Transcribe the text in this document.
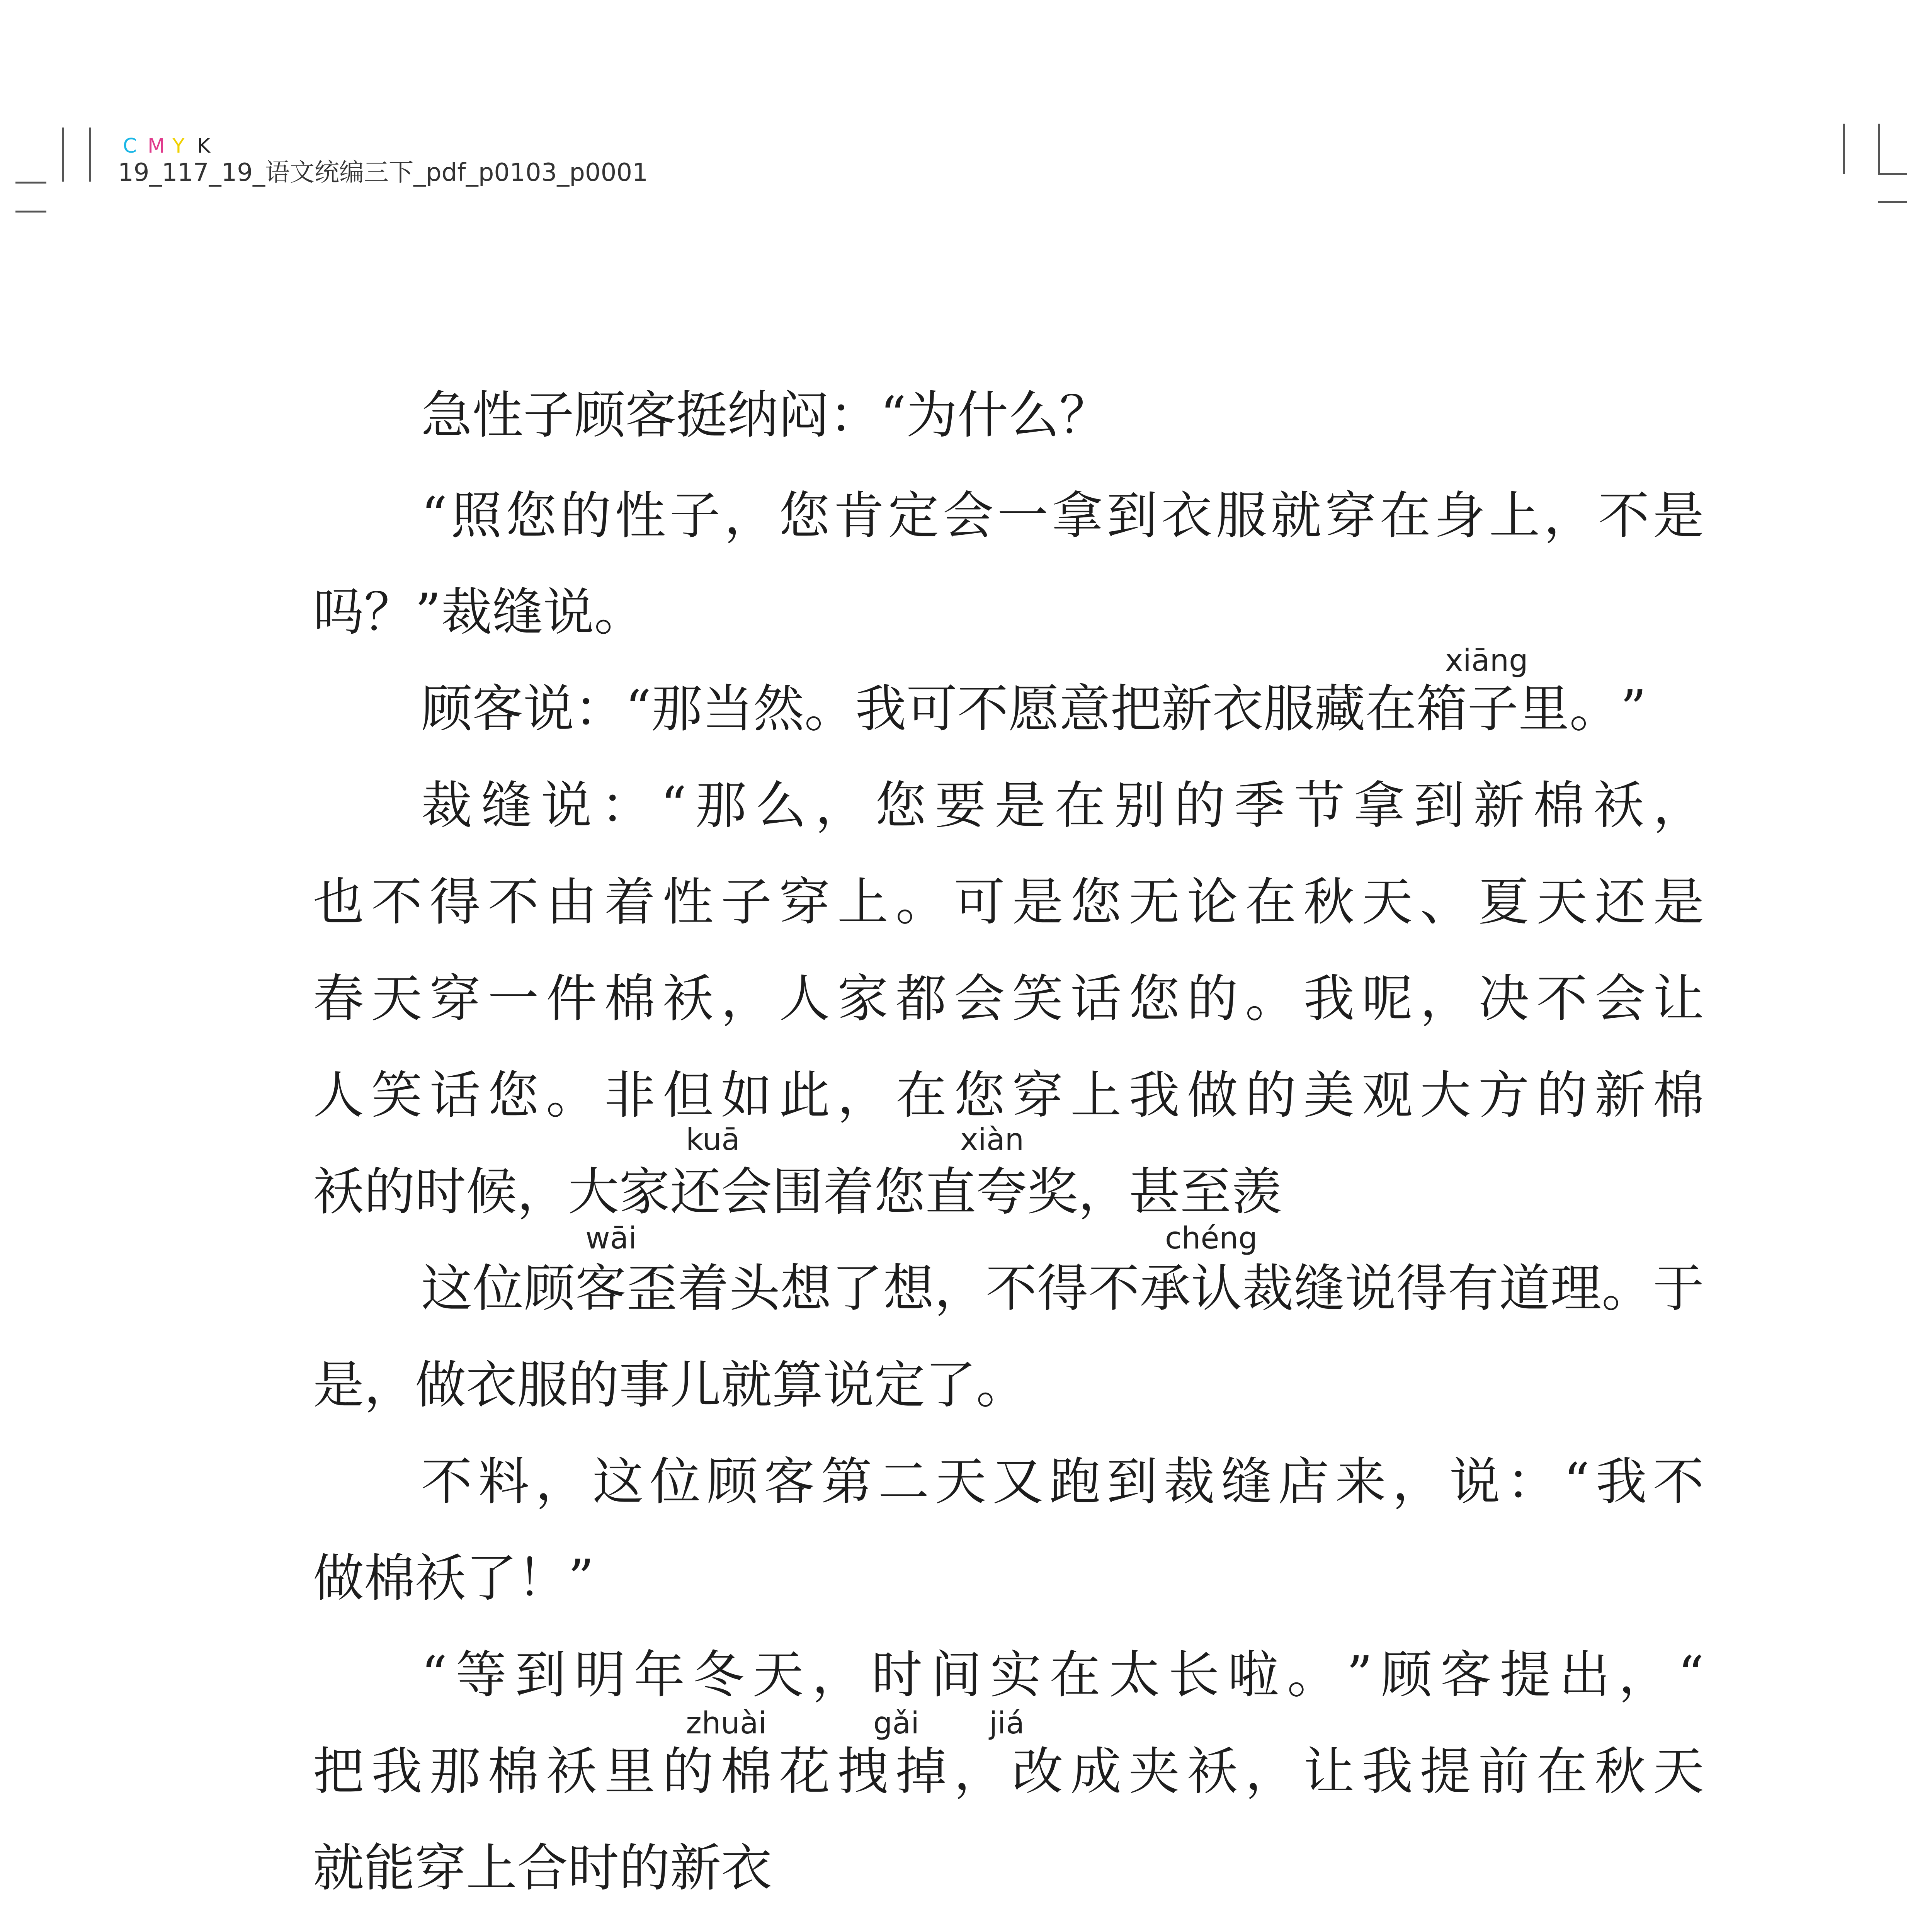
C M Y K
19_117_19_语文统编三下_pdf_p0103_p0001
急 性 子 顾 客 挺 纳 闷 ： “ 为 什 么 ？
“ 照 您 的 性 子 ， 您 肯 定 会 一 拿 到 衣 服 就 穿 在 身 上 ， 不 是
吗 ？ ” 裁 缝 说 。
顾 客 说 ： “ 那 当 然 。 我 可 不 愿 意 把 新 衣 服 藏 在 箱 子 里 。 ”
裁 缝 说 ： “ 那 么 ， 您 要 是 在 别 的 季 节 拿 到 新 棉 袄 ，
也 不 得 不 由 着 性 子 穿 上 。 可 是 您 无 论 在 秋 天 、 夏 天 还 是
春 天 穿 一 件 棉 袄 ， 人 家 都 会 笑 话 您 的 。 我 呢 ， 决 不 会 让
人 笑 话 您 。 非 但 如 此 ， 在 您 穿 上 我 做 的 美 观 大 方 的 新 棉
袄 的 时 候 ， 大 家 还 会 围 着 您 直 夸 奖 ， 甚 至 羡
这 位 顾 客 歪 着 头 想 了 想 ， 不 得 不 承 认 裁 缝 说 得 有 道 理 。 于
是 ， 做 衣 服 的 事 儿 就 算 说 定 了 。
不 料 ， 这 位 顾 客 第 二 天 又 跑 到 裁 缝 店 来 ， 说 ： “ 我 不
做 棉 袄 了 ！ ”
“ 等 到 明 年 冬 天 ， 时 间 实 在 太 长 啦 。 ” 顾 客 提 出 ， “
把 我 那 棉 袄 里 的 棉 花 拽 掉 ， 改 成 夹 袄 ， 让 我 提 前 在 秋 天
就 能 穿 上 合 时 的 新 衣
xiāng
kuā	xiàn
wāi	chéng
zhuài	gǎi jiá
